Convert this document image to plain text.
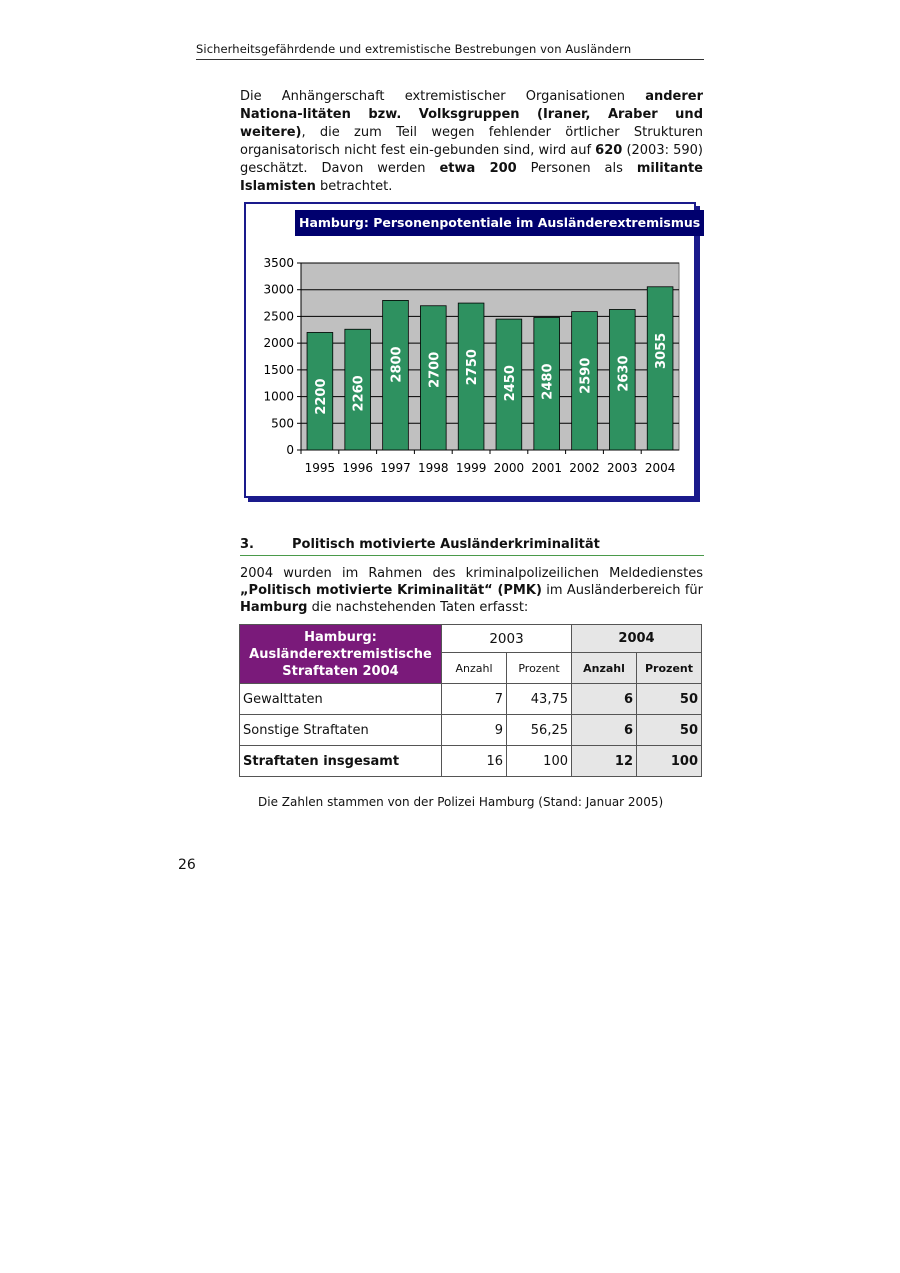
Sicherheitsgefährdende und extremistische Bestrebungen von Ausländern
Die Anhängerschaft extremistischer Organisationen anderer Nationa-litäten bzw. Volksgruppen (Iraner, Araber und weitere), die zum Teil wegen fehlender örtlicher Strukturen organisatorisch nicht fest ein-gebunden sind, wird auf 620 (2003: 590) geschätzt. Davon werden etwa 200 Personen als militante Islamisten betrachtet.
0
500
1000
1500
2000
2500
3000
3500
2200
1995
2260
1996
2800
1997
2700
1998
2750
1999
2450
2000
2480
2001
2590
2002
2630
2003
3055
2004
Hamburg: Personenpotentiale im Ausländerextremismus
3.	Politisch motivierte Ausländerkriminalität
2004 wurden im Rahmen des kriminalpolizeilichen Meldedienstes „Politisch motivierte Kriminalität“ (PMK) im Ausländerbereich für Hamburg die nachstehenden Taten erfasst:
Hamburg: Ausländerextremistische Straftaten 2004	2003		2004	
	Anzahl	Prozent	Anzahl	Prozent
Gewalttaten	7	43,75	6	50
Sonstige Straftaten	9	56,25	6	50
Straftaten insgesamt	16	100	12	100
Die Zahlen stammen von der Polizei Hamburg (Stand: Januar 2005)
26
